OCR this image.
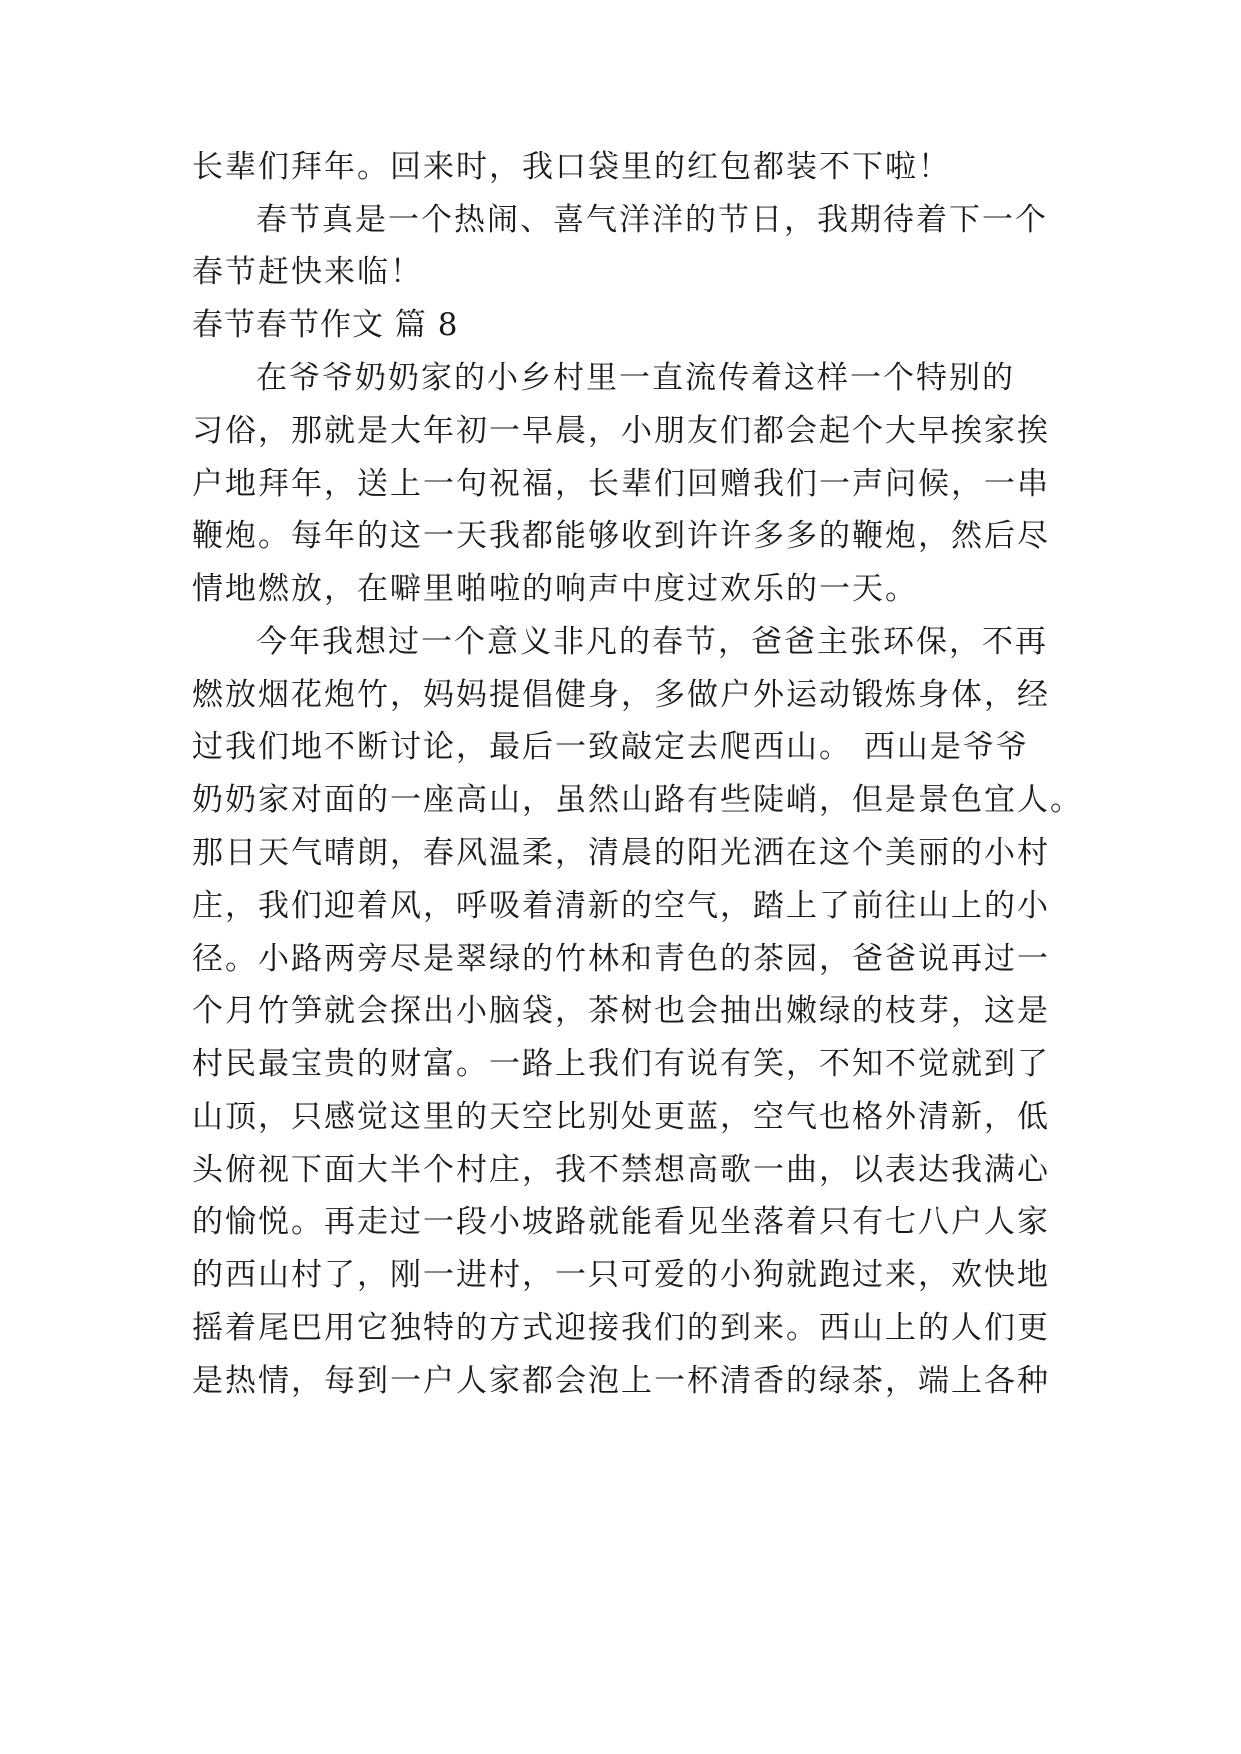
长辈们拜年。回来时，我口袋里的红包都装不下啦！
春节真是一个热闹、喜气洋洋的节日，我期待着下一个
春节赶快来临！
春节春节作文 篇 8
在爷爷奶奶家的小乡村里一直流传着这样一个特别的
习俗，那就是大年初一早晨，小朋友们都会起个大早挨家挨
户地拜年，送上一句祝福，长辈们回赠我们一声问候，一串
鞭炮。每年的这一天我都能够收到许许多多的鞭炮，然后尽
情地燃放，在噼里啪啦的响声中度过欢乐的一天。
今年我想过一个意义非凡的春节，爸爸主张环保，不再
燃放烟花炮竹，妈妈提倡健身，多做户外运动锻炼身体，经
过我们地不断讨论，最后一致敲定去爬西山。 西山是爷爷
奶奶家对面的一座高山，虽然山路有些陡峭，但是景色宜人。
那日天气晴朗，春风温柔，清晨的阳光洒在这个美丽的小村
庄，我们迎着风，呼吸着清新的空气，踏上了前往山上的小
径。小路两旁尽是翠绿的竹林和青色的茶园，爸爸说再过一
个月竹笋就会探出小脑袋，茶树也会抽出嫩绿的枝芽，这是
村民最宝贵的财富。一路上我们有说有笑，不知不觉就到了
山顶，只感觉这里的天空比别处更蓝，空气也格外清新，低
头俯视下面大半个村庄，我不禁想高歌一曲，以表达我满心
的愉悦。再走过一段小坡路就能看见坐落着只有七八户人家
的西山村了，刚一进村，一只可爱的小狗就跑过来，欢快地
摇着尾巴用它独特的方式迎接我们的到来。西山上的人们更
是热情，每到一户人家都会泡上一杯清香的绿茶，端上各种
